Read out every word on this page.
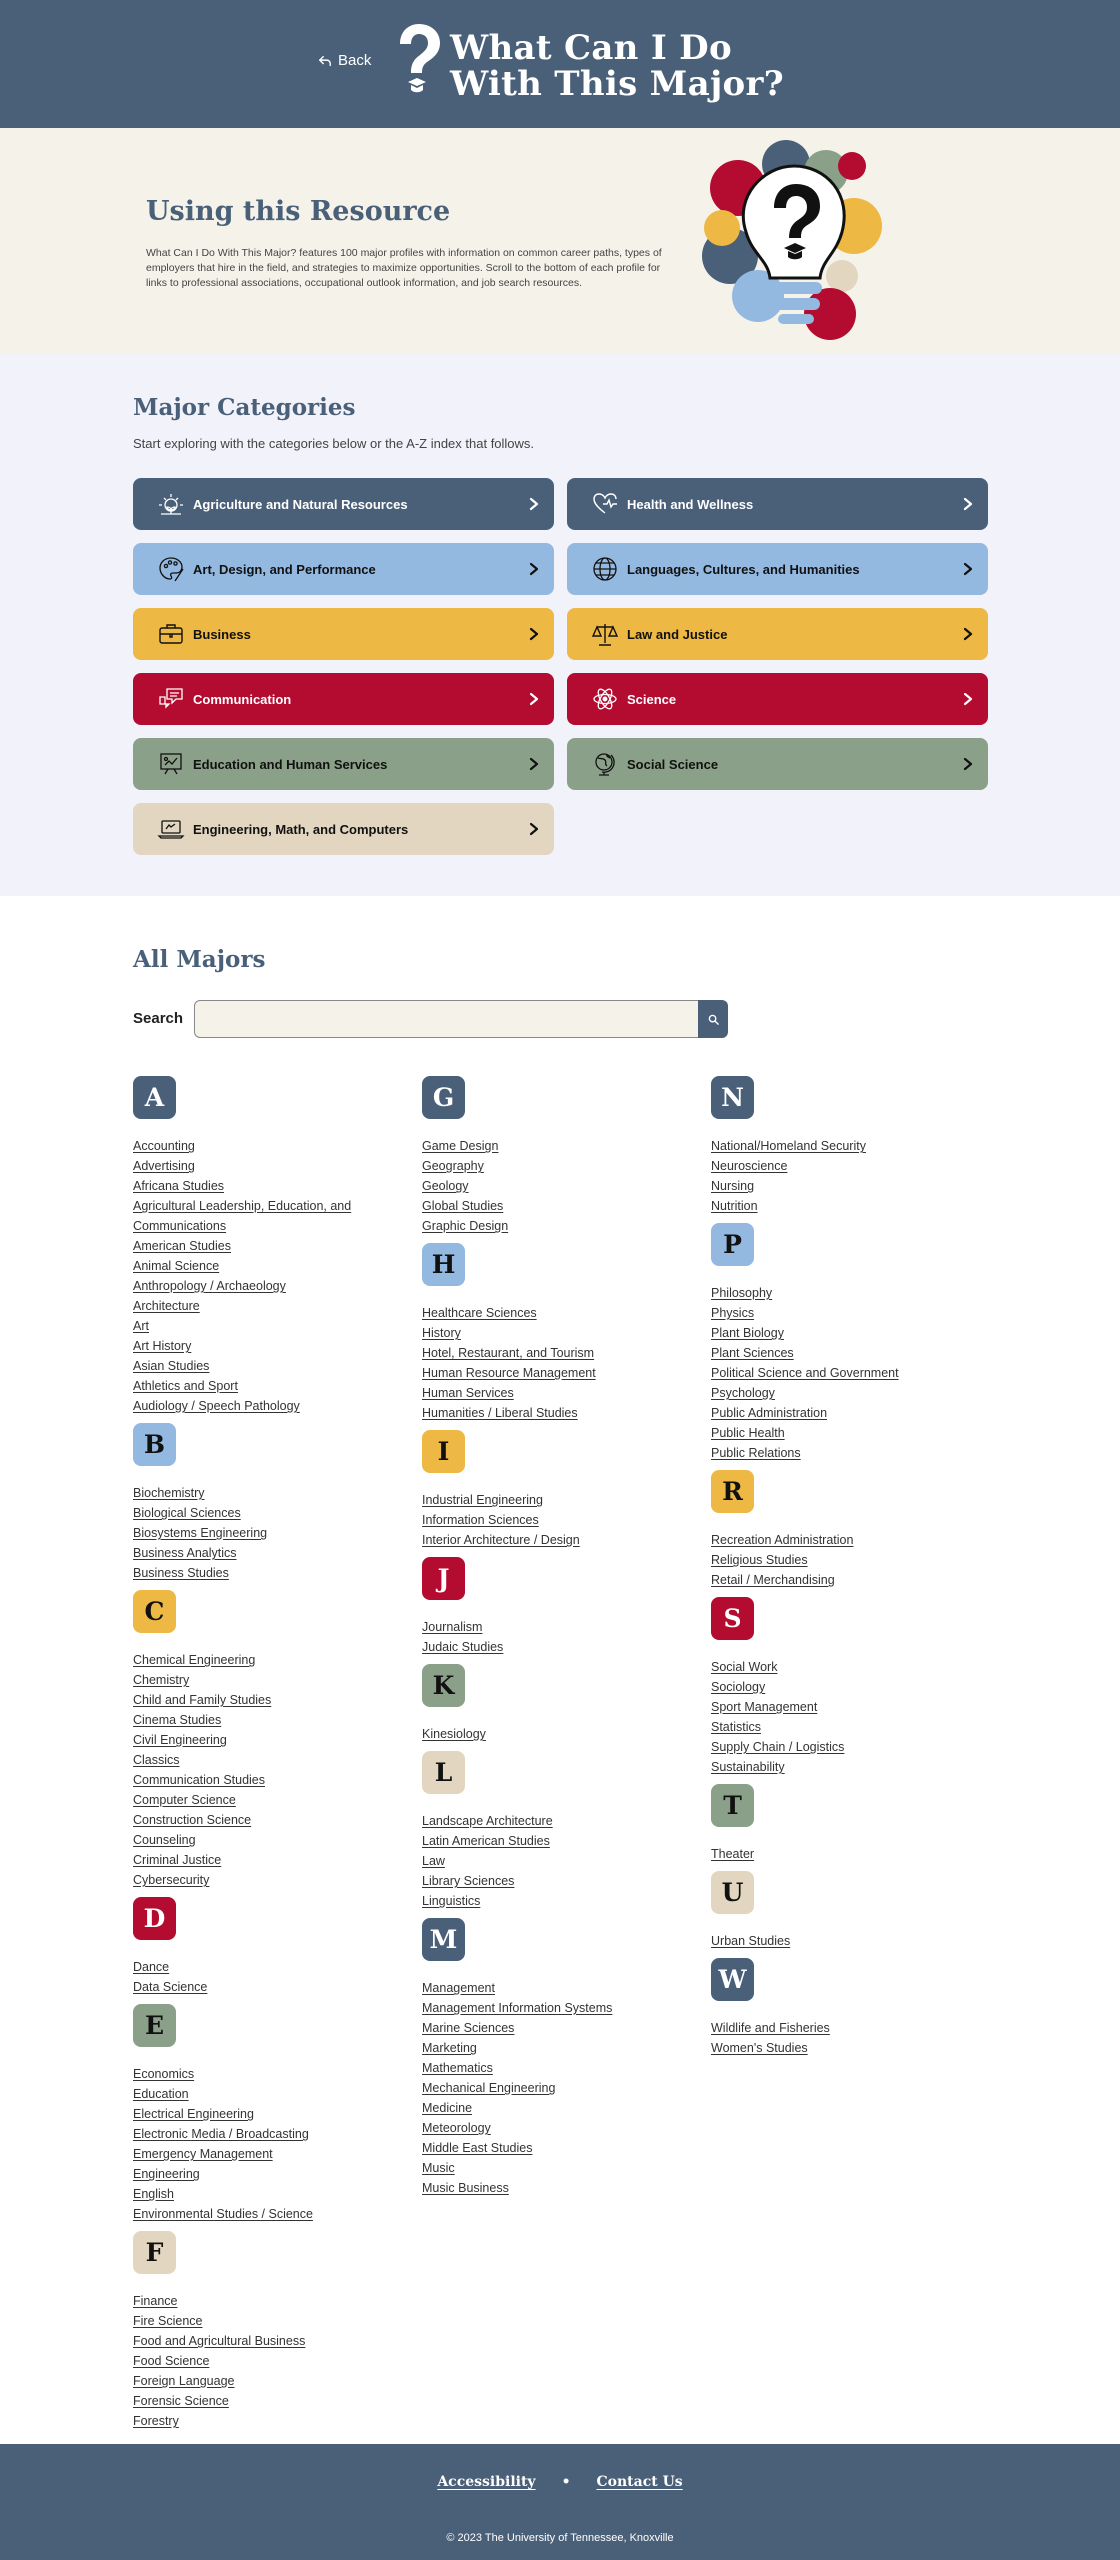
Back What Can I Do
With This Major?
Using this Resource

What Can I Do With This Major? features 100 major profiles with information on common career paths, types of employers that hire in the field, and strategies to maximize opportunities. Scroll to the bottom of each profile for links to professional associations, occupational outlook information, and job search resources.

Major Categories

Start exploring with the categories below or the A-Z index that follows.

Agriculture and Natural Resources	Health and Wellness
Art, Design, and Performance	Languages, Cultures, and Humanities
Business	Law and Justice
Communication	Science
Education and Human Services	Social Science
Engineering, Math, and Computers
All Majors
Search
A
Accounting
Advertising
Africana Studies
Agricultural Leadership, Education, and
Communications
American Studies
Animal Science
Anthropology / Archaeology
Architecture
Art
Art History
Asian Studies
Athletics and Sport
Audiology / Speech Pathology
B
Biochemistry
Biological Sciences
Biosystems Engineering
Business Analytics
Business Studies
C
Chemical Engineering
Chemistry
Child and Family Studies
Cinema Studies
Civil Engineering
Classics
Communication Studies
Computer Science
Construction Science
Counseling
Criminal Justice
Cybersecurity
D
Dance
Data Science
E
Economics
Education
Electrical Engineering
Electronic Media / Broadcasting
Emergency Management
Engineering
English
Environmental Studies / Science
F
Finance
Fire Science
Food and Agricultural Business
Food Science
Foreign Language
Forensic Science
Forestry
G
Game Design
Geography
Geology
Global Studies
Graphic Design
H
Healthcare Sciences
History
Hotel, Restaurant, and Tourism
Human Resource Management
Human Services
Humanities / Liberal Studies
I
Industrial Engineering
Information Sciences
Interior Architecture / Design
J
Journalism
Judaic Studies
K
Kinesiology
L
Landscape Architecture
Latin American Studies
Law
Library Sciences
Linguistics
M
Management
Management Information Systems
Marine Sciences
Marketing
Mathematics
Mechanical Engineering
Medicine
Meteorology
Middle East Studies
Music
Music Business
N
National/Homeland Security
Neuroscience
Nursing
Nutrition
P
Philosophy
Physics
Plant Biology
Plant Sciences
Political Science and Government
Psychology
Public Administration
Public Health
Public Relations
R
Recreation Administration
Religious Studies
Retail / Merchandising
S
Social Work
Sociology
Sport Management
Statistics
Supply Chain / Logistics
Sustainability
T
Theater
U
Urban Studies
W
Wildlife and Fisheries
Women's Studies
Accessibility • Contact Us
© 2023 The University of Tennessee, Knoxville
